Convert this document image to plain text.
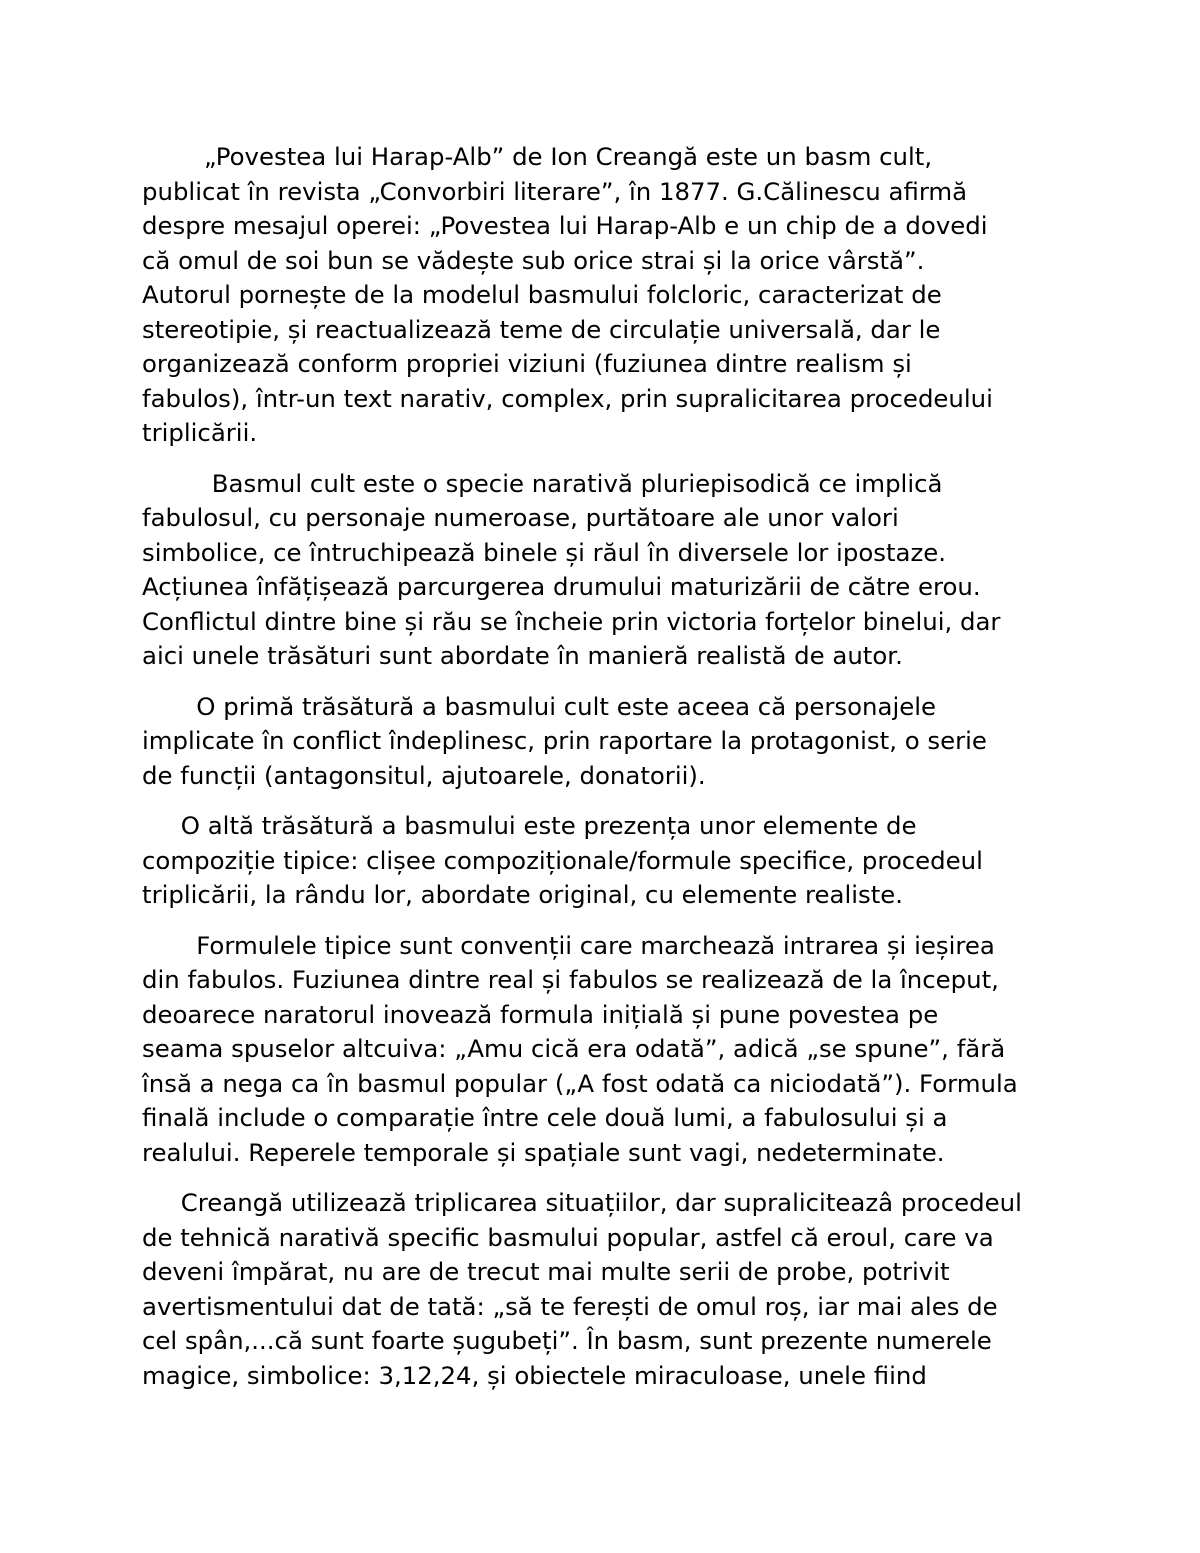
„Povestea lui Harap-Alb” de Ion Creangă este un basm cult,
publicat în revista „Convorbiri literare”, în 1877. G.Călinescu afirmă
despre mesajul operei: „Povestea lui Harap-Alb e un chip de a dovedi
că omul de soi bun se vădește sub orice strai și la orice vârstă”.
Autorul pornește de la modelul basmului folcloric, caracterizat de
stereotipie, și reactualizează teme de circulație universală, dar le
organizează conform propriei viziuni (fuziunea dintre realism și
fabulos), într-un text narativ, complex, prin supralicitarea procedeului
triplicării.

Basmul cult este o specie narativă pluriepisodică ce implică
fabulosul, cu personaje numeroase, purtătoare ale unor valori
simbolice, ce întruchipează binele și răul în diversele lor ipostaze.
Acțiunea înfățișează parcurgerea drumului maturizării de către erou.
Conflictul dintre bine și rău se încheie prin victoria forțelor binelui, dar
aici unele trăsături sunt abordate în manieră realistă de autor.

O primă trăsătură a basmului cult este aceea că personajele
implicate în conflict îndeplinesc, prin raportare la protagonist, o serie
de funcții (antagonsitul, ajutoarele, donatorii).

O altă trăsătură a basmului este prezența unor elemente de
compoziție tipice: clișee compoziționale/formule specifice, procedeul
triplicării, la rându lor, abordate original, cu elemente realiste.

Formulele tipice sunt convenții care marchează intrarea și ieșirea
din fabulos. Fuziunea dintre real și fabulos se realizează de la început,
deoarece naratorul inovează formula inițială și pune povestea pe
seama spuselor altcuiva: „Amu cică era odată”, adică „se spune”, fără
însă a nega ca în basmul popular („A fost odată ca niciodată”). Formula
finală include o comparație între cele două lumi, a fabulosului și a
realului. Reperele temporale și spațiale sunt vagi, nedeterminate.

Creangă utilizează triplicarea situațiilor, dar supraliciteazâ procedeul
de tehnică narativă specific basmului popular, astfel că eroul, care va
deveni împărat, nu are de trecut mai multe serii de probe, potrivit
avertismentului dat de tată: „să te ferești de omul roș, iar mai ales de
cel spân,...că sunt foarte șugubeți”. În basm, sunt prezente numerele
magice, simbolice: 3,12,24, și obiectele miraculoase, unele fiind
